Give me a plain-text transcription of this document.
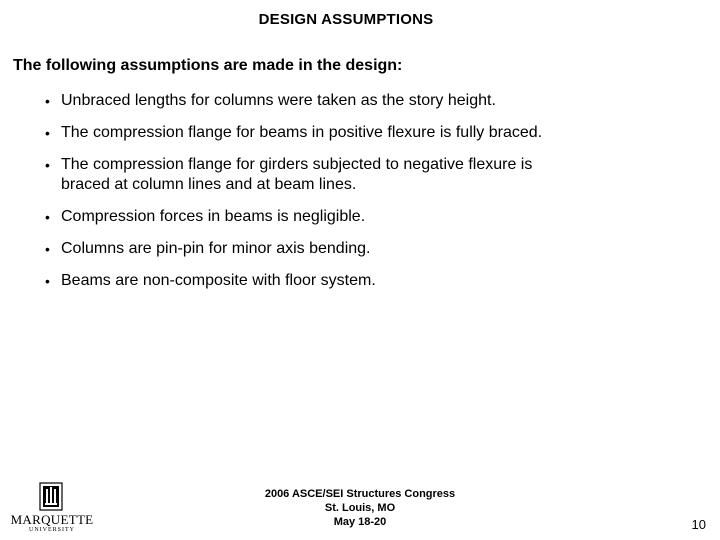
DESIGN ASSUMPTIONS
The following assumptions are made in the design:
• Unbraced lengths for columns were taken as the story height.
• The compression flange for beams in positive flexure is fully braced.
• The compression flange for girders subjected to negative flexure is
braced at column lines and at beam lines.
• Compression forces in beams is negligible.
• Columns are pin-pin for minor axis bending.
• Beams are non-composite with floor system.
MARQUETTE
UNIVERSITY
2006 ASCE/SEI Structures Congress
St. Louis, MO
May 18-20	10
